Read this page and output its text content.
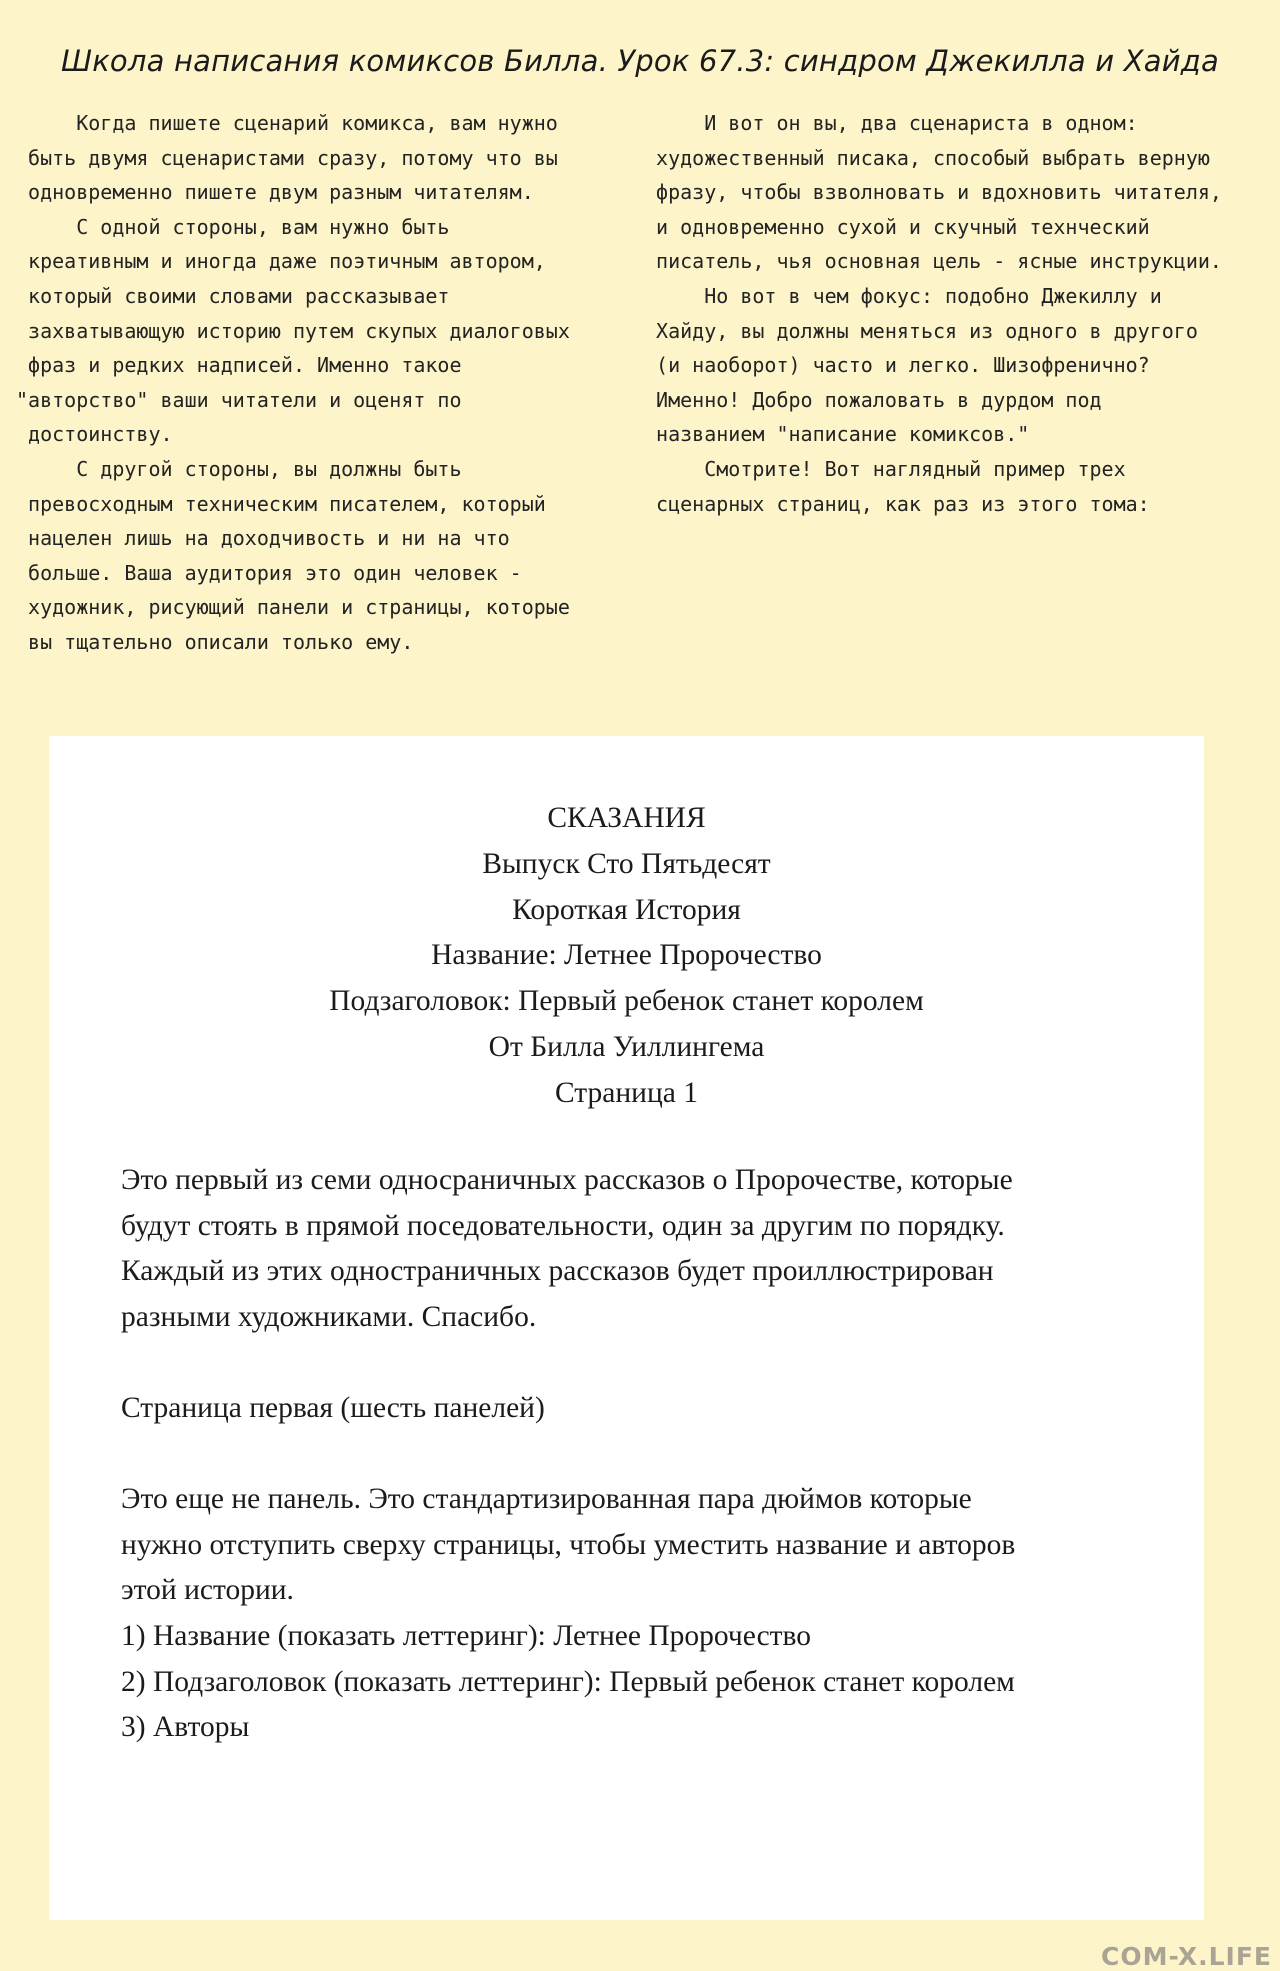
Школа написания комиксов Билла. Урок 67.3: синдром Джекилла и Хайда
Когда пишете сценарий комикса, вам нужно
быть двумя сценаристами сразу, потому что вы
одновременно пишете двум разным читателям.
С одной стороны, вам нужно быть
креативным и иногда даже поэтичным автором,
который своими словами рассказывает
захватывающую историю путем скупых диалоговых
фраз и редких надписей. Именно такое
"авторство" ваши читатели и оценят по
достоинству.
С другой стороны, вы должны быть
превосходным техническим писателем, который
нацелен лишь на доходчивость и ни на что
больше. Ваша аудитория это один человек -
художник, рисующий панели и страницы, которые
вы тщательно описали только ему.
И вот он вы, два сценариста в одном:
художественный писака, способый выбрать верную
фразу, чтобы взволновать и вдохновить читателя,
и одновременно сухой и скучный технческий
писатель, чья основная цель - ясные инструкции.
Но вот в чем фокус: подобно Джекиллу и
Хайду, вы должны меняться из одного в другого
(и наоборот) часто и легко. Шизофренично?
Именно! Добро пожаловать в дурдом под
названием "написание комиксов."
Смотрите! Вот наглядный пример трех
сценарных страниц, как раз из этого тома:
СКАЗАНИЯ
Выпуск Сто Пятьдесят
Короткая История
Название: Летнее Пророчество
Подзаголовок: Первый ребенок станет королем
От Билла Уиллингема
Страница 1
Это первый из семи односраничных рассказов о Пророчестве, которые
будут стоять в прямой поседовательности, один за другим по порядку.
Каждый из этих одностраничных рассказов будет проиллюстрирован
разными художниками. Спасибо.
Страница первая (шесть панелей)
Это еще не панель. Это стандартизированная пара дюймов которые
нужно отступить сверху страницы, чтобы уместить название и авторов
этой истории.
1) Название (показать леттеринг): Летнее Пророчество
2) Подзаголовок (показать леттеринг): Первый ребенок станет королем
3) Авторы
COM-X.LIFE
